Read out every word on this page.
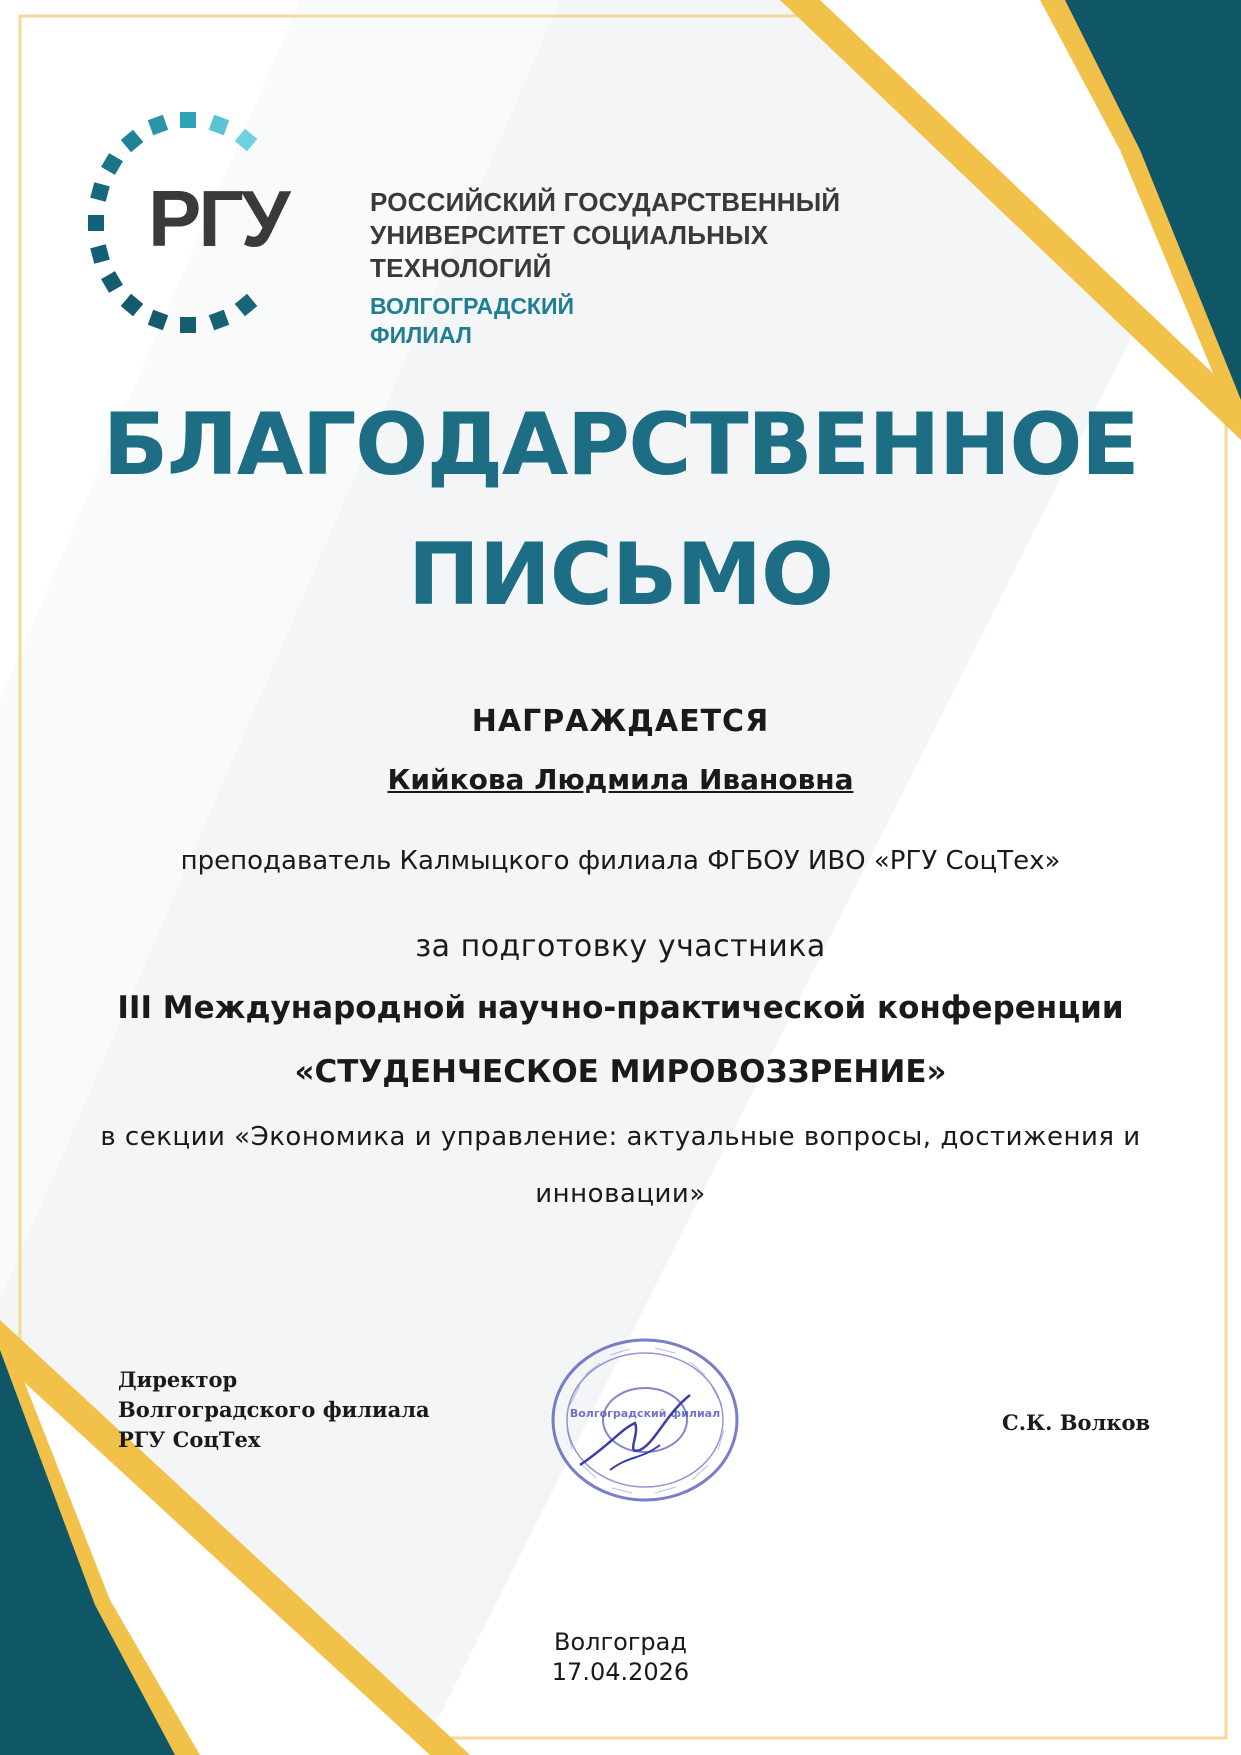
РГУ	РОССИЙСКИЙ ГОСУДАРСТВЕННЫЙ
УНИВЕРСИТЕТ СОЦИАЛЬНЫХ
ТЕХНОЛОГИЙ
ВОЛГОГРАДСКИЙ
ФИЛИАЛ
БЛАГОДАРСТВЕННОЕ
ПИСЬМО
НАГРАЖДАЕТСЯ
Кийкова Людмила Ивановна
преподаватель Калмыцкого филиала ФГБОУ ИВО «РГУ СоцТех»
за подготовку участника
III Международной научно-практической конференции
«СТУДЕНЧЕСКОЕ МИРОВОЗЗРЕНИЕ»
в секции «Экономика и управление: актуальные вопросы, достижения и
инновации»
Директор
Волгоградского филиала
РГУ СоцТех
Волгоградский филиал	С.К. Волков
Волгоград
17.04.2026
